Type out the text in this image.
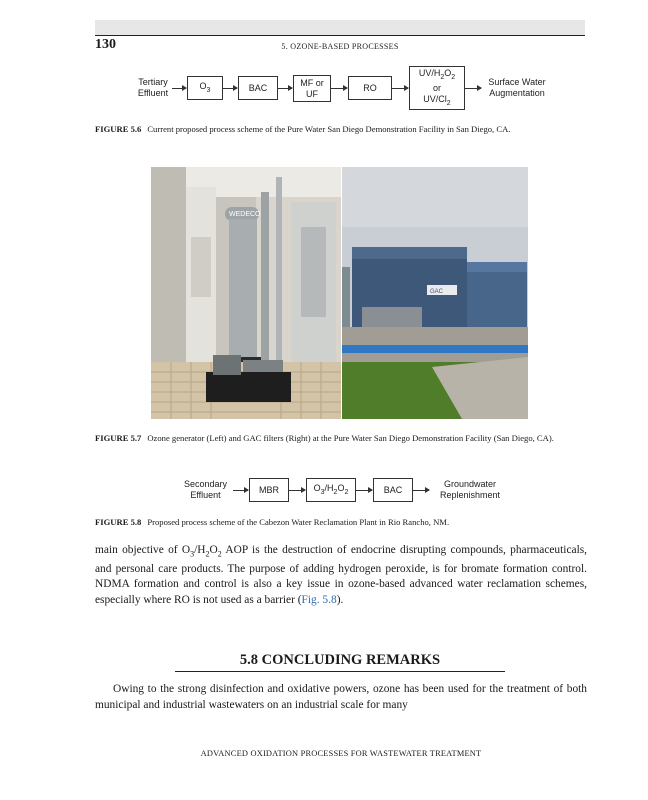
130	5. OZONE-BASED PROCESSES
Tertiary
Effluent
$O_3$	BAC	MF or
UF
RO
$UV/H_2O_2$
or
$UV/Cl_2$
Surface Water
Augmentation
FIGURE 5.6 Current proposed process scheme of the Pure Water San Diego Demonstration Facility in San Diego, CA.
WEDECO
GAC
FIGURE 5.7 Ozone generator (Left) and GAC filters (Right) at the Pure Water San Diego Demonstration Facility (San Diego, CA).
Secondary
Effluent
MBR	$O_3/H_2O_2$	BAC
Groundwater
Replenishment
FIGURE 5.8 Proposed process scheme of the Cabezon Water Reclamation Plant in Rio Rancho, NM.
main objective of $O_3/H_2O_2$ AOP is the destruction of endocrine disrupting compounds, pharmaceuticals, and personal care products. The purpose of adding hydrogen peroxide, is for bromate formation control. NDMA formation and control is also a key issue in ozone-based advanced water reclamation schemes, especially where RO is not used as a barrier (Fig. 5.8).
5.8 CONCLUDING REMARKS
Owing to the strong disinfection and oxidative powers, ozone has been used for the treatment of both municipal and industrial wastewaters on an industrial scale for many
ADVANCED OXIDATION PROCESSES FOR WASTEWATER TREATMENT
